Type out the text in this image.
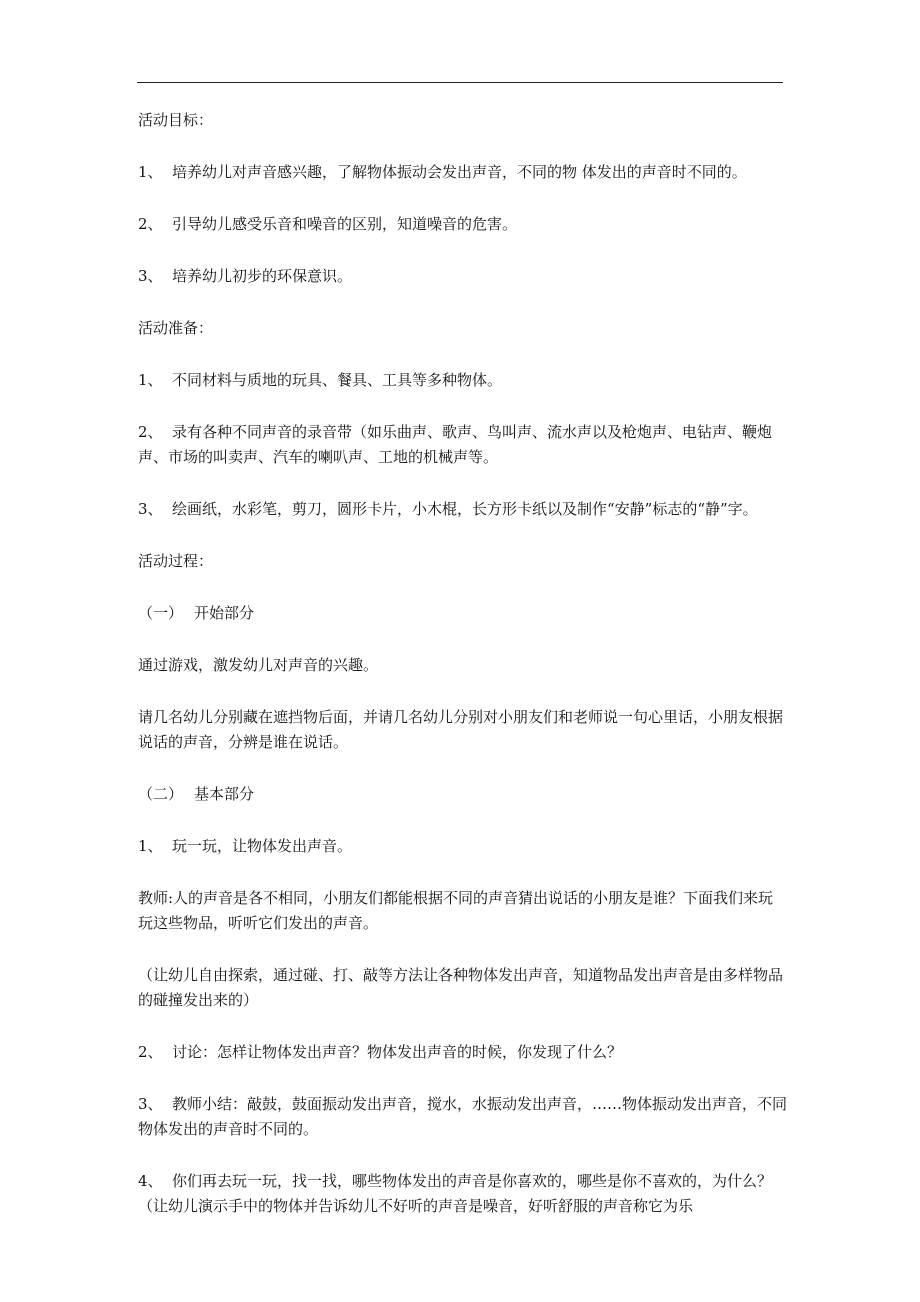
活动目标：

1、 培养幼儿对声音感兴趣，了解物体振动会发出声音，不同的物 体发出的声音时不同的。

2、 引导幼儿感受乐音和噪音的区别，知道噪音的危害。

3、 培养幼儿初步的环保意识。

活动准备：

1、 不同材料与质地的玩具、餐具、工具等多种物体。

2、 录有各种不同声音的录音带（如乐曲声、歌声、鸟叫声、流水声以及枪炮声、电钻声、鞭炮声、市场的叫卖声、汽车的喇叭声、工地的机械声等。

3、 绘画纸，水彩笔，剪刀，圆形卡片，小木棍，长方形卡纸以及制作“安静”标志的“静”字。

活动过程：

（一） 开始部分

通过游戏，激发幼儿对声音的兴趣。

请几名幼儿分别藏在遮挡物后面，并请几名幼儿分别对小朋友们和老师说一句心里话，小朋友根据说话的声音，分辨是谁在说话。

（二） 基本部分

1、 玩一玩，让物体发出声音。

教师:人的声音是各不相同，小朋友们都能根据不同的声音猜出说话的小朋友是谁？下面我们来玩玩这些物品，听听它们发出的声音。

（让幼儿自由探索，通过碰、打、敲等方法让各种物体发出声音，知道物品发出声音是由多样物品的碰撞发出来的）

2、 讨论：怎样让物体发出声音？物体发出声音的时候，你发现了什么？

3、 教师小结：敲鼓，鼓面振动发出声音，搅水，水振动发出声音，……物体振动发出声音，不同物体发出的声音时不同的。

4、 你们再去玩一玩，找一找，哪些物体发出的声音是你喜欢的，哪些是你不喜欢的，为什么？（让幼儿演示手中的物体并告诉幼儿不好听的声音是噪音，好听舒服的声音称它为乐
